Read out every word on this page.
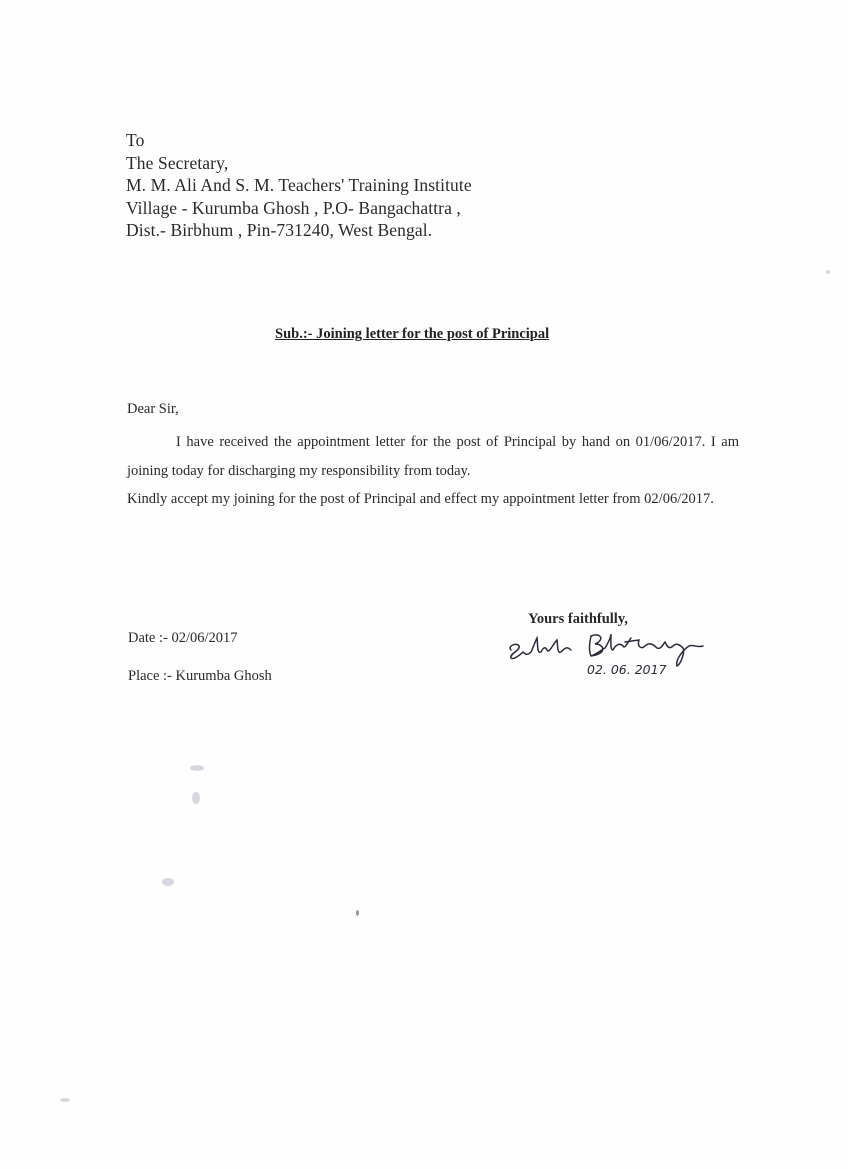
To
The Secretary,
M. M. Ali And S. M. Teachers' Training Institute
Village - Kurumba Ghosh , P.O- Bangachattra ,
Dist.- Birbhum , Pin-731240, West Bengal.
Sub.:- Joining letter for the post of Principal
Dear Sir,

I have received the appointment letter for the post of Principal by hand on 01/06/2017. I am joining today for discharging my responsibility from today.

Kindly accept my joining for the post of Principal and effect my appointment letter from 02/06/2017.

Yours faithfully,
02. 06. 2017
Date :- 02/06/2017
Place :- Kurumba Ghosh
